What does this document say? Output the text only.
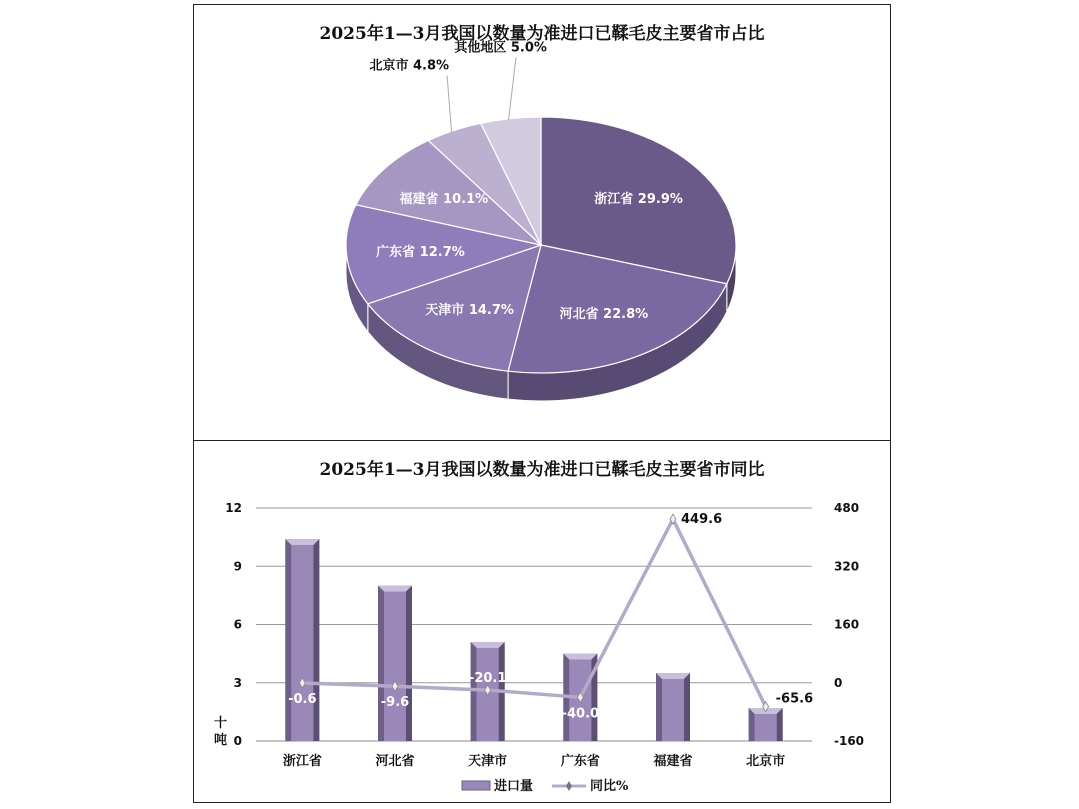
2025年1—3月我国以数量为准进口已鞣毛皮主要省市占比
浙江省 29.9%
河北省 22.8%
天津市 14.7%
广东省 12.7%
福建省 10.1%
北京市 4.8%
其他地区 5.0%
2025年1—3月我国以数量为准进口已鞣毛皮主要省市同比
0
3
6
9
12
-160
0
160
320
480
十吨
浙江省	河北省	天津市	广东省	福建省	北京市
-0.6	-9.6
-20.1
-40.0
449.6
-65.6
进口量	同比%
